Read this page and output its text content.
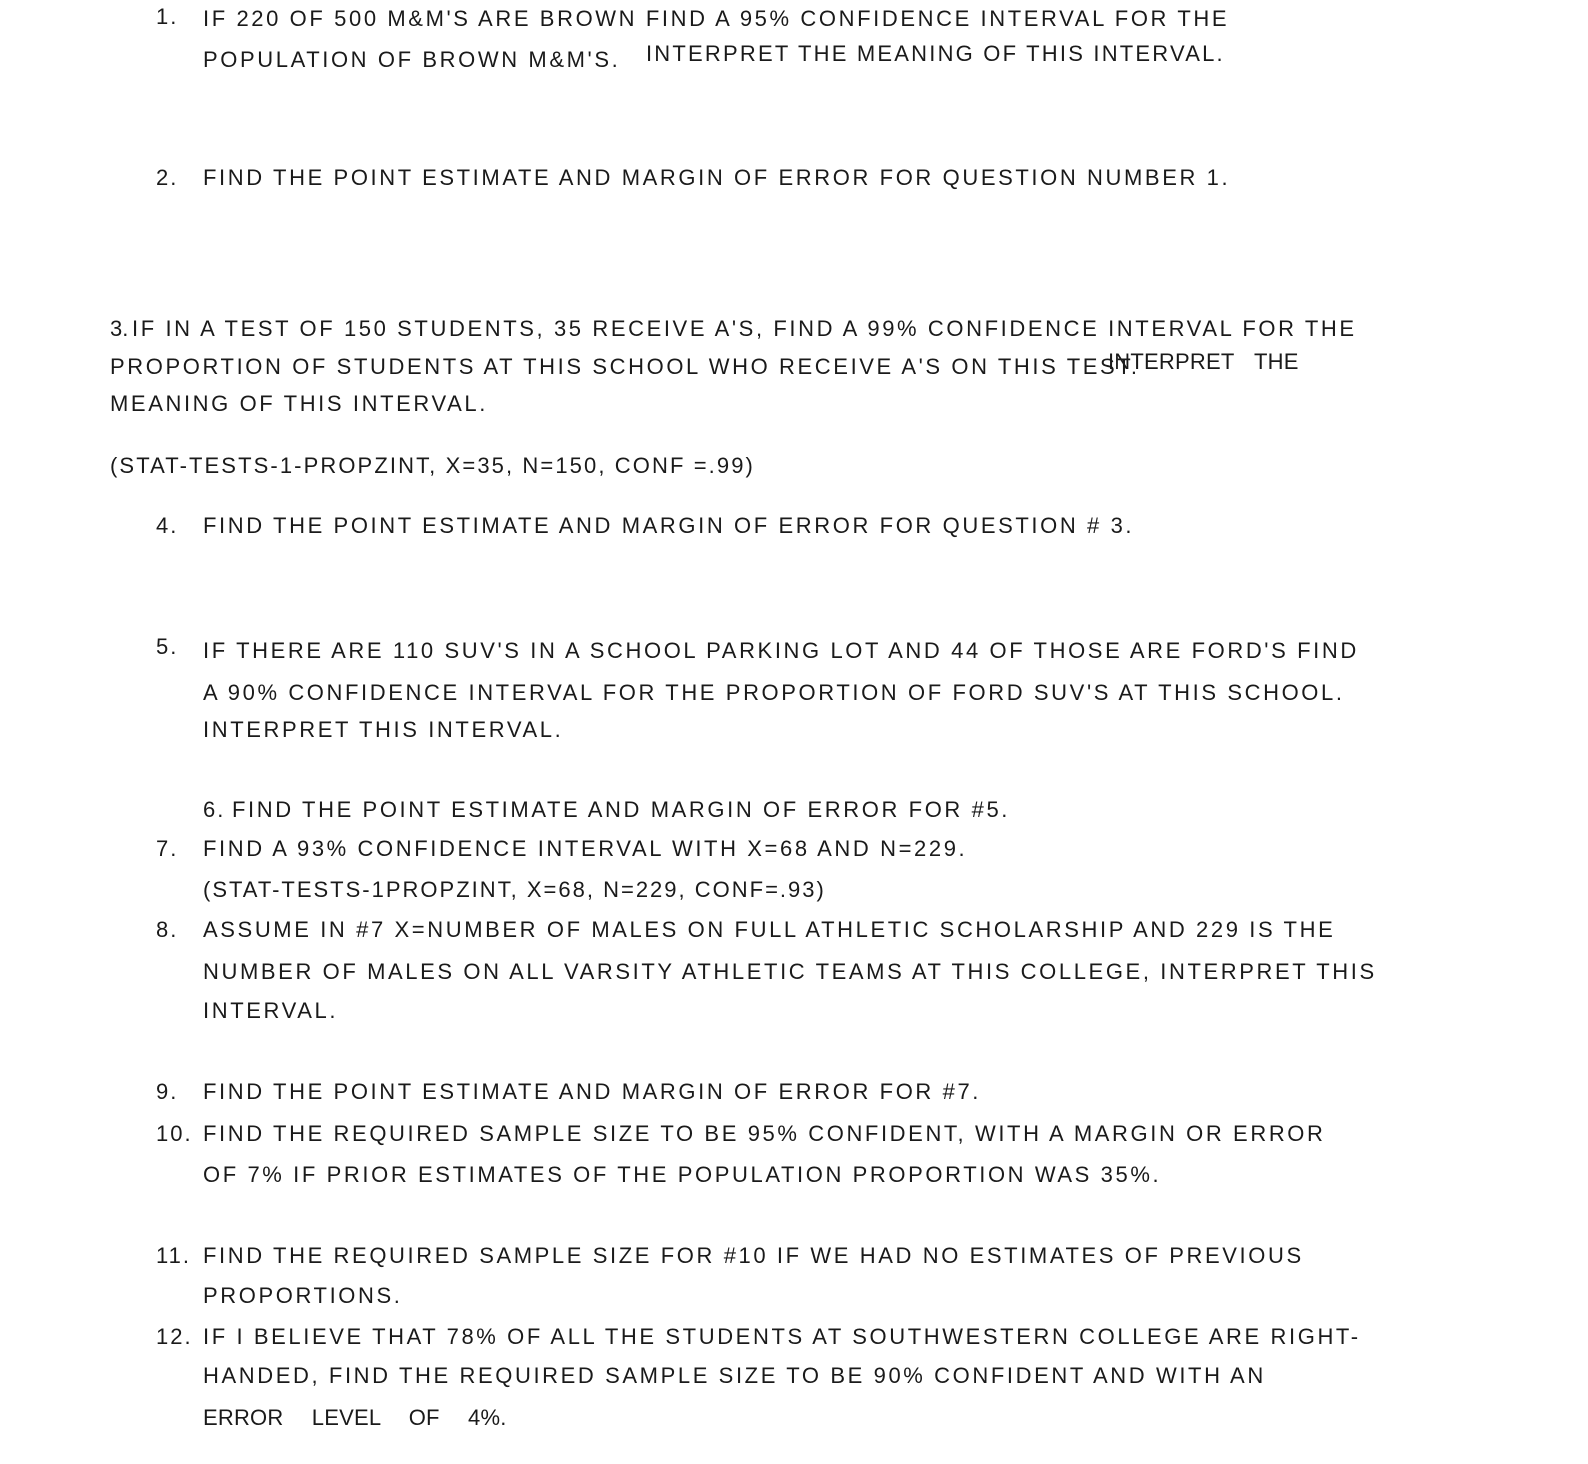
1. IF 220 OF 500 M&M'S ARE BROWN FIND A 95% CONFIDENCE INTERVAL FOR THE
POPULATION OF BROWN M&M'S. INTERPRET THE MEANING OF THIS INTERVAL.
2. FIND THE POINT ESTIMATE AND MARGIN OF ERROR FOR QUESTION NUMBER 1.
3. IF IN A TEST OF 150 STUDENTS, 35 RECEIVE A'S, FIND A 99% CONFIDENCE INTERVAL FOR THE
PROPORTION OF STUDENTS AT THIS SCHOOL WHO RECEIVE A'S ON THIS TEST.
INTERPRET THE
MEANING OF THIS INTERVAL.
(STAT-TESTS-1-PROPZINT, X=35, N=150, CONF =.99)
4. FIND THE POINT ESTIMATE AND MARGIN OF ERROR FOR QUESTION # 3.
5. IF THERE ARE 110 SUV'S IN A SCHOOL PARKING LOT AND 44 OF THOSE ARE FORD'S FIND
A 90% CONFIDENCE INTERVAL FOR THE PROPORTION OF FORD SUV'S AT THIS SCHOOL.
INTERPRET THIS INTERVAL.
6. FIND THE POINT ESTIMATE AND MARGIN OF ERROR FOR #5.
7. FIND A 93% CONFIDENCE INTERVAL WITH X=68 AND N=229.
(STAT-TESTS-1PROPZINT, X=68, N=229, CONF=.93)
8. ASSUME IN #7 X=NUMBER OF MALES ON FULL ATHLETIC SCHOLARSHIP AND 229 IS THE
NUMBER OF MALES ON ALL VARSITY ATHLETIC TEAMS AT THIS COLLEGE, INTERPRET THIS
INTERVAL.
9. FIND THE POINT ESTIMATE AND MARGIN OF ERROR FOR #7.
10. FIND THE REQUIRED SAMPLE SIZE TO BE 95% CONFIDENT, WITH A MARGIN OR ERROR
OF 7% IF PRIOR ESTIMATES OF THE POPULATION PROPORTION WAS 35%.
11. FIND THE REQUIRED SAMPLE SIZE FOR #10 IF WE HAD NO ESTIMATES OF PREVIOUS
PROPORTIONS.
12. IF I BELIEVE THAT 78% OF ALL THE STUDENTS AT SOUTHWESTERN COLLEGE ARE RIGHT-
HANDED, FIND THE REQUIRED SAMPLE SIZE TO BE 90% CONFIDENT AND WITH AN
ERROR LEVEL OF 4%.
